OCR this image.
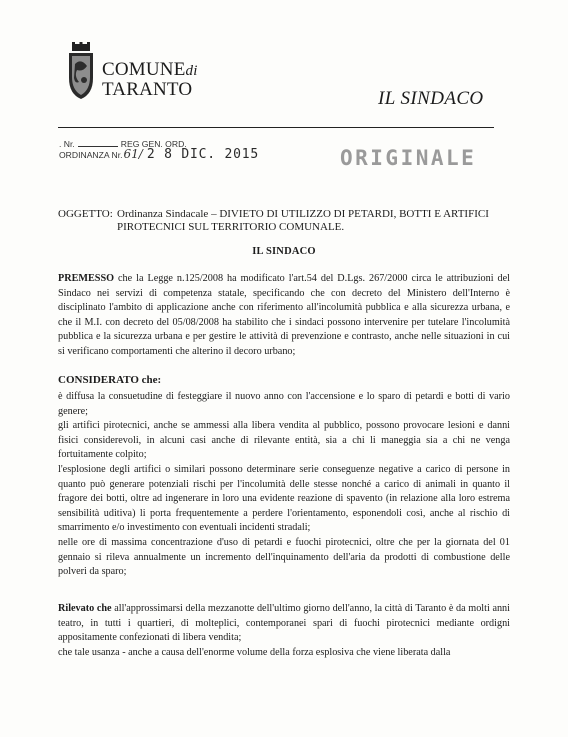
COMUNEdi
TARANTO	IL SINDACO
. Nr.	REG GEN. ORD.
ORDINANZA Nr.61/ 2 8 DIC. 2015	ORIGINALE
OGGETTO: Ordinanza Sindacale – DIVIETO DI UTILIZZO DI PETARDI, BOTTI E ARTIFICI PIROTECNICI SUL TERRITORIO COMUNALE.
IL SINDACO
PREMESSO che la Legge n.125/2008 ha modificato l'art.54 del D.Lgs. 267/2000 circa le attribuzioni del Sindaco nei servizi di competenza statale, specificando che con decreto del Ministero dell'Interno è disciplinato l'ambito di applicazione anche con riferimento all'incolumità pubblica e alla sicurezza urbana, e che il M.I. con decreto del 05/08/2008 ha stabilito che i sindaci possono intervenire per tutelare l'incolumità pubblica e la sicurezza urbana e per gestire le attività di prevenzione e contrasto, anche nelle situazioni in cui si verificano comportamenti che alterino il decoro urbano;
CONSIDERATO che:
è diffusa la consuetudine di festeggiare il nuovo anno con l'accensione e lo sparo di petardi e botti di vario genere;
gli artifici pirotecnici, anche se ammessi alla libera vendita al pubblico, possono provocare lesioni e danni fisici considerevoli, in alcuni casi anche di rilevante entità, sia a chi li maneggia sia a chi ne venga fortuitamente colpito;
l'esplosione degli artifici o similari possono determinare serie conseguenze negative a carico di persone in quanto può generare potenziali rischi per l'incolumità delle stesse nonché a carico di animali in quanto il fragore dei botti, oltre ad ingenerare in loro una evidente reazione di spavento (in relazione alla loro estrema sensibilità uditiva) li porta frequentemente a perdere l'orientamento, esponendoli così, anche al rischio di smarrimento e/o investimento con eventuali incidenti stradali;
nelle ore di massima concentrazione d'uso di petardi e fuochi pirotecnici, oltre che per la giornata del 01 gennaio si rileva annualmente un incremento dell'inquinamento dell'aria da prodotti di combustione delle polveri da sparo;
Rilevato che all'approssimarsi della mezzanotte dell'ultimo giorno dell'anno, la città di Taranto è da molti anni teatro, in tutti i quartieri, di molteplici, contemporanei spari di fuochi pirotecnici mediante ordigni appositamente confezionati di libera vendita;
che tale usanza - anche a causa dell'enorme volume della forza esplosiva che viene liberata dalla
